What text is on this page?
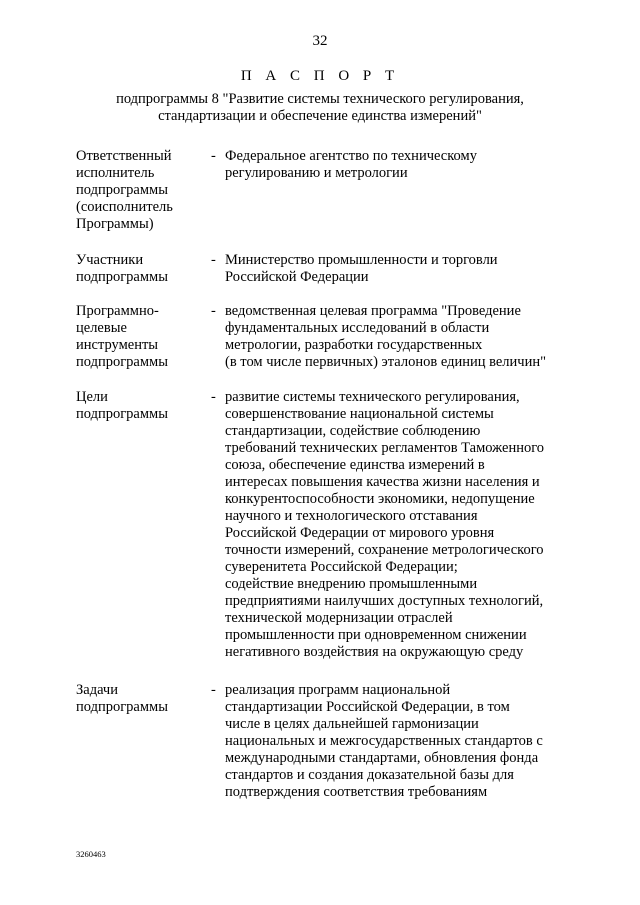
32
П А С П О Р Т
подпрограммы 8 "Развитие системы технического регулирования,
стандартизации и обеспечение единства измерений"
Ответственный
исполнитель
подпрограммы
(соисполнитель
Программы)
- Федеральное агентство по техническому
регулированию и метрологии
Участники
подпрограммы
- Министерство промышленности и торговли
Российской Федерации
Программно-
целевые
инструменты
подпрограммы
- ведомственная целевая программа "Проведение
фундаментальных исследований в области
метрологии, разработки государственных
(в том числе первичных) эталонов единиц величин"
Цели
подпрограммы
- развитие системы технического регулирования,
совершенствование национальной системы
стандартизации, содействие соблюдению
требований технических регламентов Таможенного
союза, обеспечение единства измерений в
интересах повышения качества жизни населения и
конкурентоспособности экономики, недопущение
научного и технологического отставания
Российской Федерации от мирового уровня
точности измерений, сохранение метрологического
суверенитета Российской Федерации;
содействие внедрению промышленными
предприятиями наилучших доступных технологий,
технической модернизации отраслей
промышленности при одновременном снижении
негативного воздействия на окружающую среду
Задачи
подпрограммы
- реализация программ национальной
стандартизации Российской Федерации, в том
числе в целях дальнейшей гармонизации
национальных и межгосударственных стандартов с
международными стандартами, обновления фонда
стандартов и создания доказательной базы для
подтверждения соответствия требованиям
3260463
